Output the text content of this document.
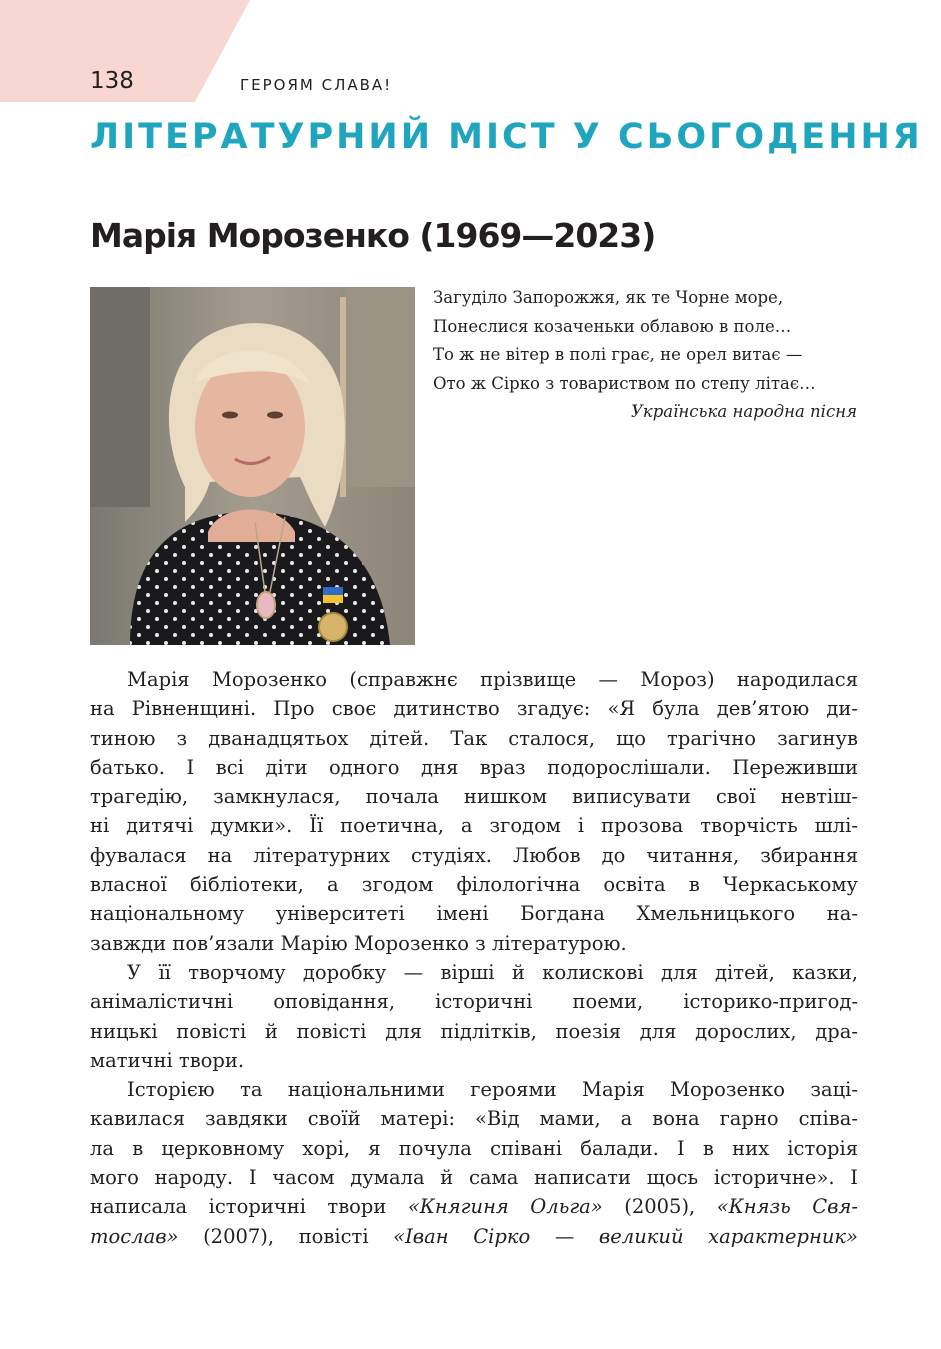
138	ГЕРОЯМ СЛАВА!
ЛІТЕРАТУРНИЙ МІСТ У СЬОГОДЕННЯ
Марія Морозенко (1969—2023)
Загуділо Запорожжя, як те Чорне море,
Понеслися козаченьки облавою в поле…
То ж не вітер в полі грає, не орел витає —
Ото ж Сірко з товариством по степу літає…
Українська народна пісня
Марія Морозенко (справжнє прізвище — Мороз) народилася
на Рівненщині. Про своє дитинство згадує: «Я була дев’ятою ди-
тиною з дванадцятьох дітей. Так сталося, що трагічно загинув
батько. І всі діти одного дня враз подорослішали. Переживши
трагедію, замкнулася, почала нишком виписувати свої невтіш-
ні дитячі думки». Її поетична, а згодом і прозова творчість шлі-
фувалася на літературних студіях. Любов до читання, збирання
власної бібліотеки, а згодом філологічна освіта в Черкаському
національному університеті імені Богдана Хмельницького на-
завжди пов’язали Марію Морозенко з літературою.
У її творчому доробку — вірші й колискові для дітей, казки,
анімалістичні оповідання, історичні поеми, історико-пригод-
ницькі повісті й повісті для підлітків, поезія для дорослих, дра-
матичні твори.
Історією та національними героями Марія Морозенко заці-
кавилася завдяки своїй матері: «Від мами, а вона гарно співа-
ла в церковному хорі, я почула співані балади. І в них історія
мого народу. І часом думала й сама написати щось історичне». І
написала історичні твори «Княгиня Ольга» (2005), «Князь Свя-
тослав» (2007), повісті «Іван Сірко — великий характерник»
